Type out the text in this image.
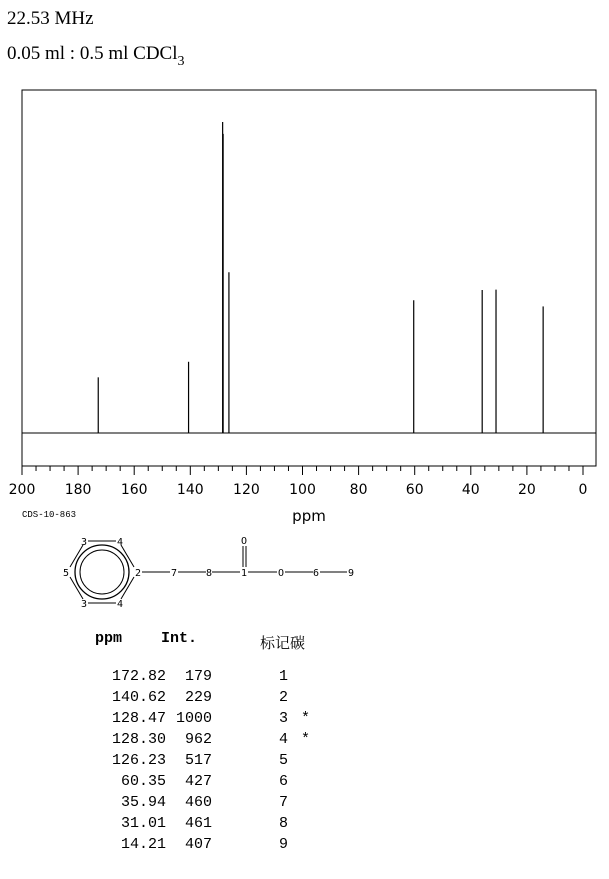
22.53 MHz
0.05 ml : 0.5 ml CDCl$_3$
200 180 160 140 120 100 80	60	40	20	0
ppm
CDS-10-863
3	4
5	2
3	4
7	8	1	O	6	9
O
ppm	Int.	标记碳
172.82	179	1
140.62	229	2
128.47 1000	3 *
128.30	962	4 *
126.23	517	5
60.35	427	6
35.94	460	7
31.01	461	8
14.21	407	9
